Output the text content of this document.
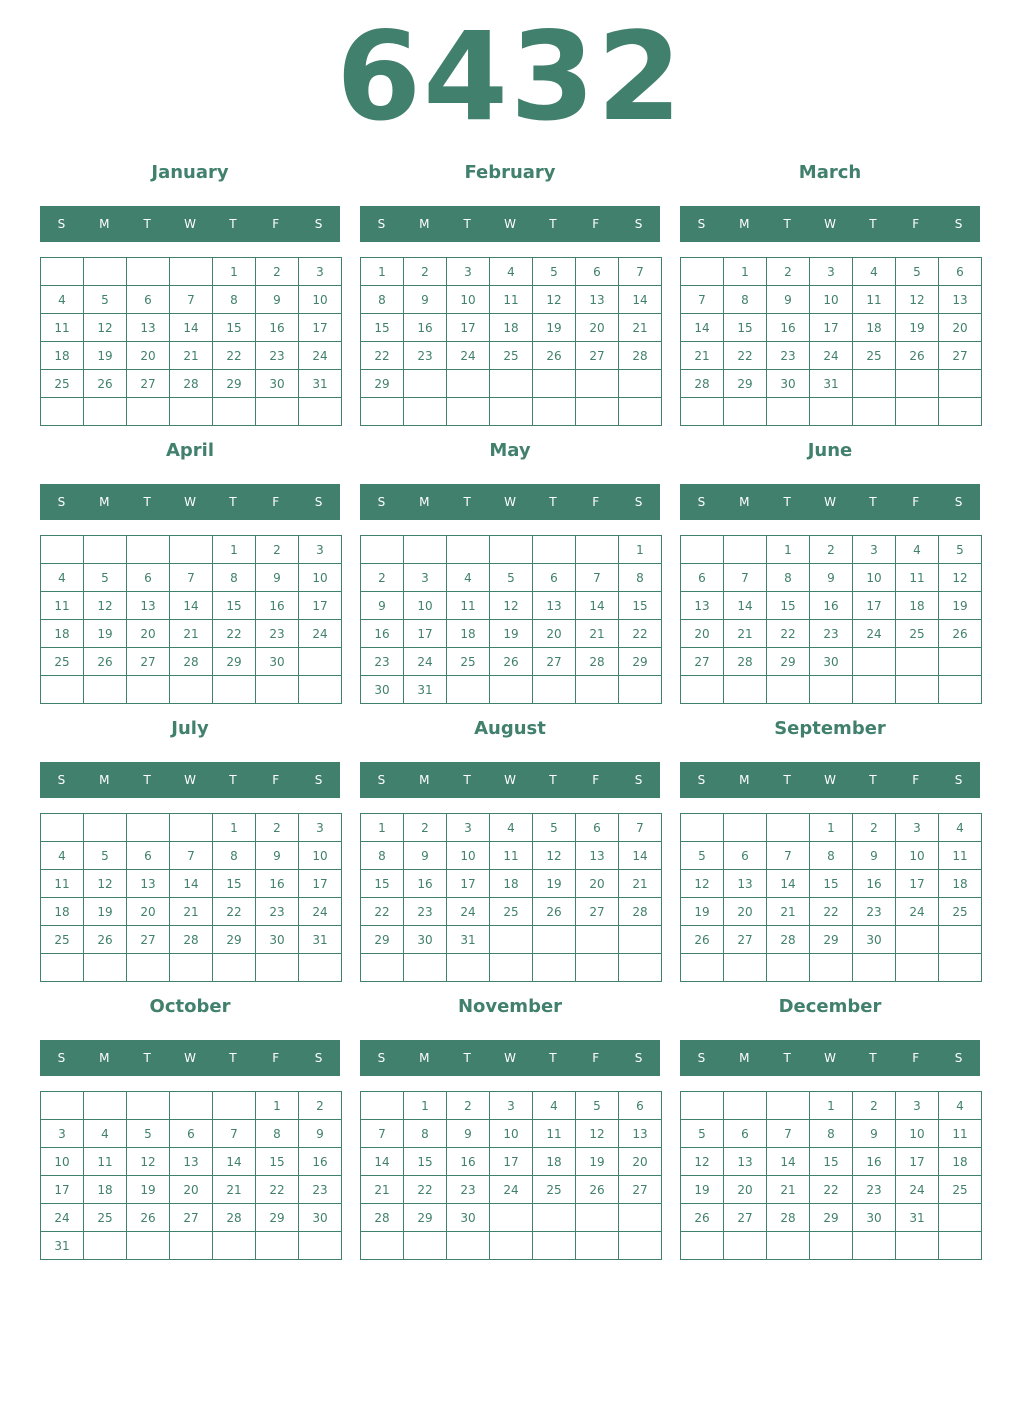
6432
January
S	M	T	W	T	F	S
				1	2	3
4	5	6	7	8	9	10
11	12	13	14	15	16	17
18	19	20	21	22	23	24
25	26	27	28	29	30	31

February
S	M	T	W	T	F	S
1	2	3	4	5	6	7
8	9	10	11	12	13	14
15	16	17	18	19	20	21
22	23	24	25	26	27	28
29						

March
S	M	T	W	T	F	S
	1	2	3	4	5	6
7	8	9	10	11	12	13
14	15	16	17	18	19	20
21	22	23	24	25	26	27
28	29	30	31			

April
S	M	T	W	T	F	S
				1	2	3
4	5	6	7	8	9	10
11	12	13	14	15	16	17
18	19	20	21	22	23	24
25	26	27	28	29	30	

May
S	M	T	W	T	F	S
						1
2	3	4	5	6	7	8
9	10	11	12	13	14	15
16	17	18	19	20	21	22
23	24	25	26	27	28	29
30	31					
June
S	M	T	W	T	F	S
		1	2	3	4	5
6	7	8	9	10	11	12
13	14	15	16	17	18	19
20	21	22	23	24	25	26
27	28	29	30			

July
S	M	T	W	T	F	S
				1	2	3
4	5	6	7	8	9	10
11	12	13	14	15	16	17
18	19	20	21	22	23	24
25	26	27	28	29	30	31

August
S	M	T	W	T	F	S
1	2	3	4	5	6	7
8	9	10	11	12	13	14
15	16	17	18	19	20	21
22	23	24	25	26	27	28
29	30	31				

September
S	M	T	W	T	F	S
			1	2	3	4
5	6	7	8	9	10	11
12	13	14	15	16	17	18
19	20	21	22	23	24	25
26	27	28	29	30		

October
S	M	T	W	T	F	S
					1	2
3	4	5	6	7	8	9
10	11	12	13	14	15	16
17	18	19	20	21	22	23
24	25	26	27	28	29	30
31						
November
S	M	T	W	T	F	S
	1	2	3	4	5	6
7	8	9	10	11	12	13
14	15	16	17	18	19	20
21	22	23	24	25	26	27
28	29	30				

December
S	M	T	W	T	F	S
			1	2	3	4
5	6	7	8	9	10	11
12	13	14	15	16	17	18
19	20	21	22	23	24	25
26	27	28	29	30	31	
